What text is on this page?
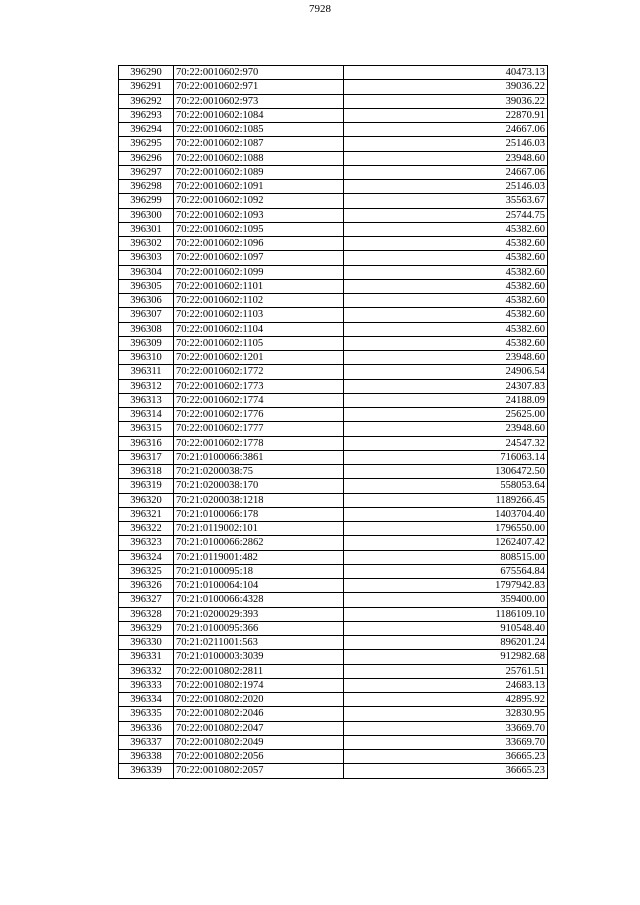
7928
396290	70:22:0010602:970	40473.13
396291	70:22:0010602:971	39036.22
396292	70:22:0010602:973	39036.22
396293	70:22:0010602:1084	22870.91
396294	70:22:0010602:1085	24667.06
396295	70:22:0010602:1087	25146.03
396296	70:22:0010602:1088	23948.60
396297	70:22:0010602:1089	24667.06
396298	70:22:0010602:1091	25146.03
396299	70:22:0010602:1092	35563.67
396300	70:22:0010602:1093	25744.75
396301	70:22:0010602:1095	45382.60
396302	70:22:0010602:1096	45382.60
396303	70:22:0010602:1097	45382.60
396304	70:22:0010602:1099	45382.60
396305	70:22:0010602:1101	45382.60
396306	70:22:0010602:1102	45382.60
396307	70:22:0010602:1103	45382.60
396308	70:22:0010602:1104	45382.60
396309	70:22:0010602:1105	45382.60
396310	70:22:0010602:1201	23948.60
396311	70:22:0010602:1772	24906.54
396312	70:22:0010602:1773	24307.83
396313	70:22:0010602:1774	24188.09
396314	70:22:0010602:1776	25625.00
396315	70:22:0010602:1777	23948.60
396316	70:22:0010602:1778	24547.32
396317	70:21:0100066:3861	716063.14
396318	70:21:0200038:75	1306472.50
396319	70:21:0200038:170	558053.64
396320	70:21:0200038:1218	1189266.45
396321	70:21:0100066:178	1403704.40
396322	70:21:0119002:101	1796550.00
396323	70:21:0100066:2862	1262407.42
396324	70:21:0119001:482	808515.00
396325	70:21:0100095:18	675564.84
396326	70:21:0100064:104	1797942.83
396327	70:21:0100066:4328	359400.00
396328	70:21:0200029:393	1186109.10
396329	70:21:0100095:366	910548.40
396330	70:21:0211001:563	896201.24
396331	70:21:0100003:3039	912982.68
396332	70:22:0010802:2811	25761.51
396333	70:22:0010802:1974	24683.13
396334	70:22:0010802:2020	42895.92
396335	70:22:0010802:2046	32830.95
396336	70:22:0010802:2047	33669.70
396337	70:22:0010802:2049	33669.70
396338	70:22:0010802:2056	36665.23
396339	70:22:0010802:2057	36665.23
